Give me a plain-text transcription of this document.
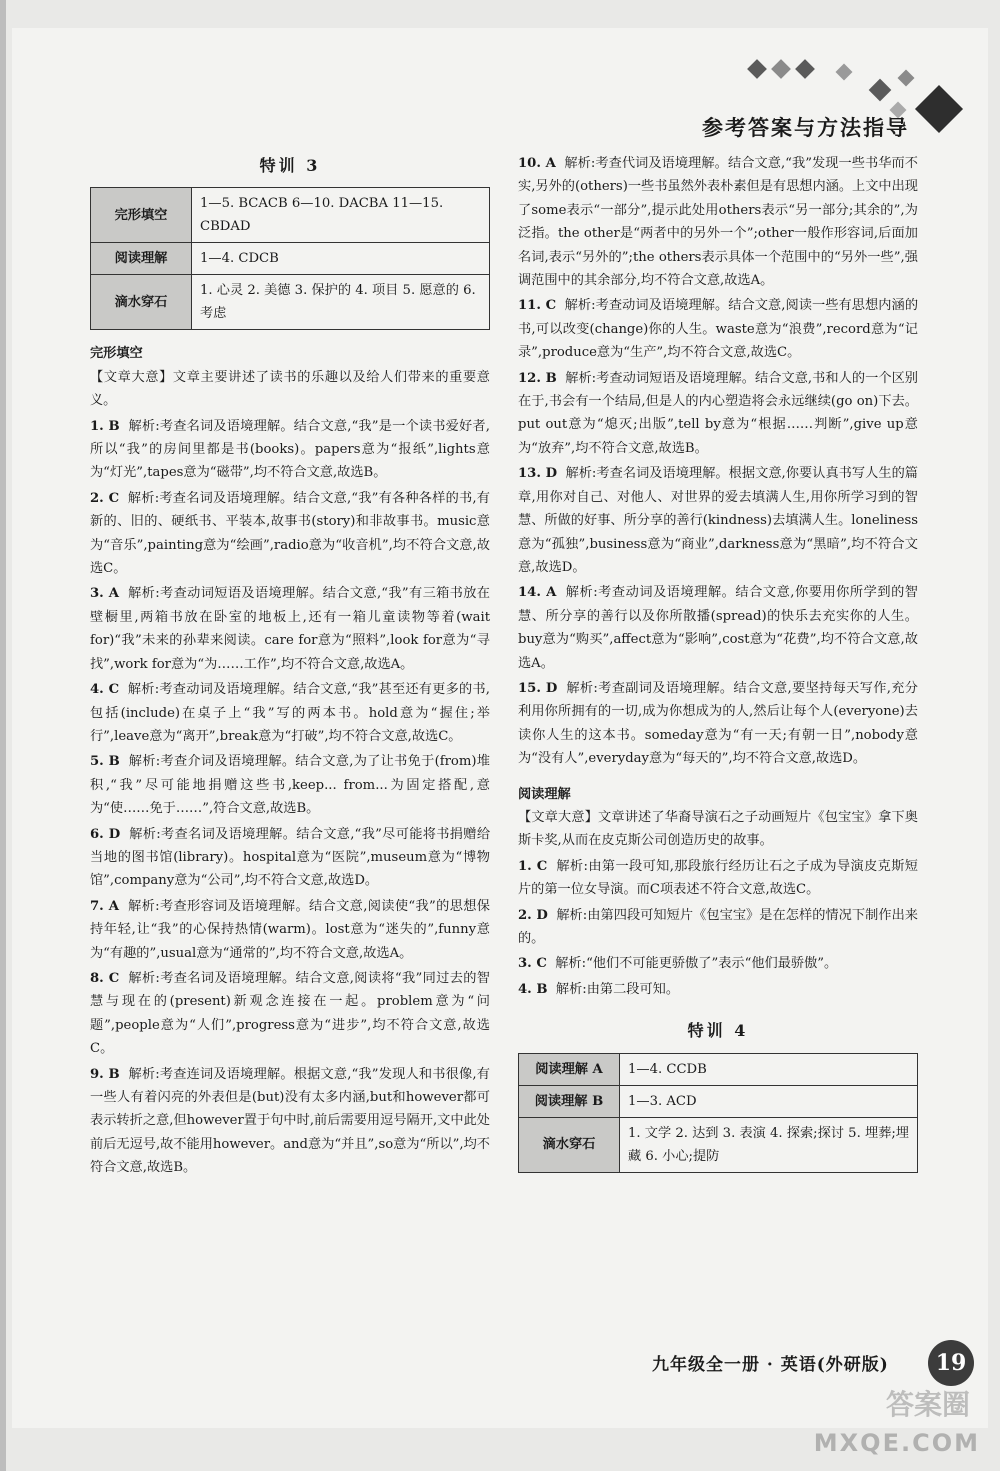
参考答案与方法指导
特训 3
完形填空	1—5. BCACB 6—10. DACBA 11—15. CBDAD
阅读理解	1—4. CDCB
滴水穿石	1. 心灵 2. 美德 3. 保护的 4. 项目 5. 愿意的 6. 考虑
完形填空
【文章大意】文章主要讲述了读书的乐趣以及给人们带来的重要意义。
1. B 解析:考查名词及语境理解。结合文意,“我”是一个读书爱好者,所以“我”的房间里都是书(books)。papers意为“报纸”,lights意为“灯光”,tapes意为“磁带”,均不符合文意,故选B。
2. C 解析:考查名词及语境理解。结合文意,“我”有各种各样的书,有新的、旧的、硬纸书、平装本,故事书(story)和非故事书。music意为“音乐”,painting意为“绘画”,radio意为“收音机”,均不符合文意,故选C。
3. A 解析:考查动词短语及语境理解。结合文意,“我”有三箱书放在壁橱里,两箱书放在卧室的地板上,还有一箱儿童读物等着(wait for)“我”未来的孙辈来阅读。care for意为“照料”,look for意为“寻找”,work for意为“为……工作”,均不符合文意,故选A。
4. C 解析:考查动词及语境理解。结合文意,“我”甚至还有更多的书,包括(include)在桌子上“我”写的两本书。hold意为“握住;举行”,leave意为“离开”,break意为“打破”,均不符合文意,故选C。
5. B 解析:考查介词及语境理解。结合文意,为了让书免于(from)堆积,“我”尽可能地捐赠这些书,keep... from...为固定搭配,意为“使……免于……”,符合文意,故选B。
6. D 解析:考查名词及语境理解。结合文意,“我”尽可能将书捐赠给当地的图书馆(library)。hospital意为“医院”,museum意为“博物馆”,company意为“公司”,均不符合文意,故选D。
7. A 解析:考查形容词及语境理解。结合文意,阅读使“我”的思想保持年轻,让“我”的心保持热情(warm)。lost意为“迷失的”,funny意为“有趣的”,usual意为“通常的”,均不符合文意,故选A。
8. C 解析:考查名词及语境理解。结合文意,阅读将“我”同过去的智慧与现在的(present)新观念连接在一起。problem意为“问题”,people意为“人们”,progress意为“进步”,均不符合文意,故选C。
9. B 解析:考查连词及语境理解。根据文意,“我”发现人和书很像,有一些人有着闪亮的外表但是(but)没有太多内涵,but和however都可表示转折之意,但however置于句中时,前后需要用逗号隔开,文中此处前后无逗号,故不能用however。and意为“并且”,so意为“所以”,均不符合文意,故选B。
10. A 解析:考查代词及语境理解。结合文意,“我”发现一些书华而不实,另外的(others)一些书虽然外表朴素但是有思想内涵。上文中出现了some表示“一部分”,提示此处用others表示“另一部分;其余的”,为泛指。the other是“两者中的另外一个”;other一般作形容词,后面加名词,表示“另外的”;the others表示具体一个范围中的“另外一些”,强调范围中的其余部分,均不符合文意,故选A。
11. C 解析:考查动词及语境理解。结合文意,阅读一些有思想内涵的书,可以改变(change)你的人生。waste意为“浪费”,record意为“记录”,produce意为“生产”,均不符合文意,故选C。
12. B 解析:考查动词短语及语境理解。结合文意,书和人的一个区别在于,书会有一个结局,但是人的内心塑造将会永远继续(go on)下去。put out意为“熄灭;出版”,tell by意为“根据……判断”,give up意为“放弃”,均不符合文意,故选B。
13. D 解析:考查名词及语境理解。根据文意,你要认真书写人生的篇章,用你对自己、对他人、对世界的爱去填满人生,用你所学习到的智慧、所做的好事、所分享的善行(kindness)去填满人生。loneliness意为“孤独”,business意为“商业”,darkness意为“黑暗”,均不符合文意,故选D。
14. A 解析:考查动词及语境理解。结合文意,你要用你所学到的智慧、所分享的善行以及你所散播(spread)的快乐去充实你的人生。buy意为“购买”,affect意为“影响”,cost意为“花费”,均不符合文意,故选A。
15. D 解析:考查副词及语境理解。结合文意,要坚持每天写作,充分利用你所拥有的一切,成为你想成为的人,然后让每个人(everyone)去读你人生的这本书。someday意为“有一天;有朝一日”,nobody意为“没有人”,everyday意为“每天的”,均不符合文意,故选D。
阅读理解
【文章大意】文章讲述了华裔导演石之子动画短片《包宝宝》拿下奥斯卡奖,从而在皮克斯公司创造历史的故事。
1. C 解析:由第一段可知,那段旅行经历让石之子成为导演皮克斯短片的第一位女导演。而C项表述不符合文意,故选C。
2. D 解析:由第四段可知短片《包宝宝》是在怎样的情况下制作出来的。
3. C 解析:“他们不可能更骄傲了”表示“他们最骄傲”。
4. B 解析:由第二段可知。
特训 4
阅读理解 A	1—4. CCDB
阅读理解 B	1—3. ACD
滴水穿石	1. 文学 2. 达到 3. 表演 4. 探索;探讨 5. 埋葬;埋藏 6. 小心;提防
九年级全一册 · 英语(外研版)	19
答案圈
MXQE.COM
